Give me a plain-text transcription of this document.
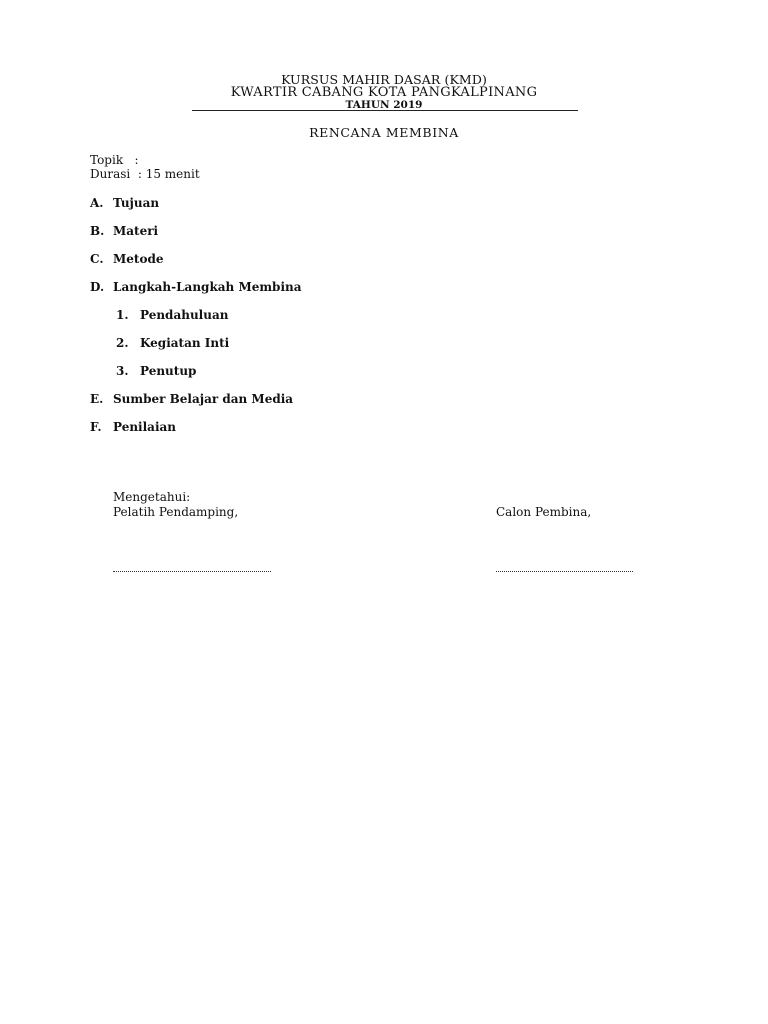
KURSUS MAHIR DASAR (KMD)
KWARTIR CABANG KOTA PANGKALPINANG
TAHUN 2019
RENCANA MEMBINA
Topik   :
Durasi  : 15 menit
A. Tujuan
B. Materi
C. Metode
D. Langkah-Langkah Membina
1. Pendahuluan
2. Kegiatan Inti
3. Penutup
E. Sumber Belajar dan Media
F. Penilaian
Mengetahui:
Pelatih Pendamping,	Calon Pembina,
